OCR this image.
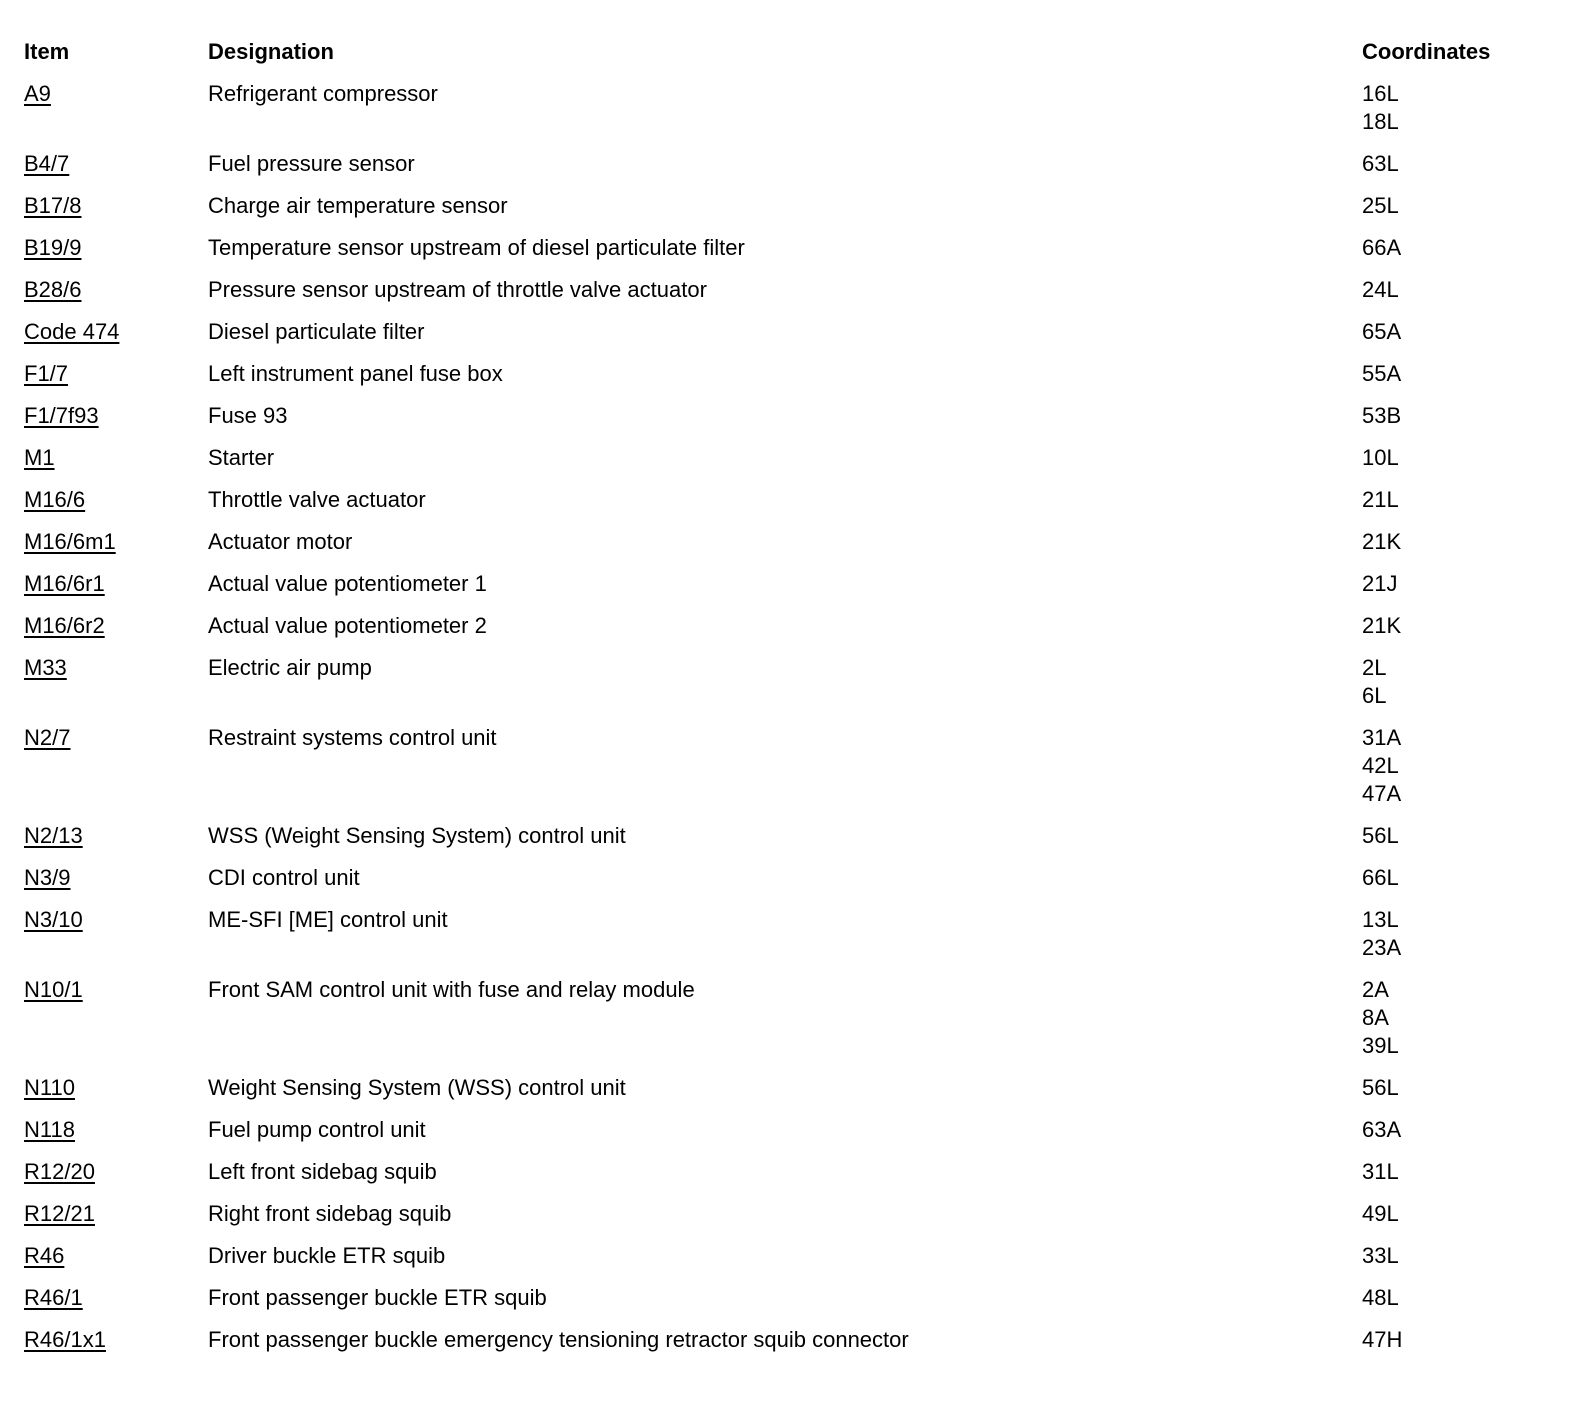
Item	Designation	Coordinates
A9	Refrigerant compressor	16L
18L
B4/7	Fuel pressure sensor	63L
B17/8	Charge air temperature sensor	25L
B19/9	Temperature sensor upstream of diesel particulate filter	66A
B28/6	Pressure sensor upstream of throttle valve actuator	24L
Code 474	Diesel particulate filter	65A
F1/7	Left instrument panel fuse box	55A
F1/7f93	Fuse 93	53B
M1	Starter	10L
M16/6	Throttle valve actuator	21L
M16/6m1	Actuator motor	21K
M16/6r1	Actual value potentiometer 1	21J
M16/6r2	Actual value potentiometer 2	21K
M33	Electric air pump	2L
6L
N2/7	Restraint systems control unit	31A
42L
47A
N2/13	WSS (Weight Sensing System) control unit	56L
N3/9	CDI control unit	66L
N3/10	ME-SFI [ME] control unit	13L
23A
N10/1	Front SAM control unit with fuse and relay module	2A
8A
39L
N110	Weight Sensing System (WSS) control unit	56L
N118	Fuel pump control unit	63A
R12/20	Left front sidebag squib	31L
R12/21	Right front sidebag squib	49L
R46	Driver buckle ETR squib	33L
R46/1	Front passenger buckle ETR squib	48L
R46/1x1	Front passenger buckle emergency tensioning retractor squib connector	47H
